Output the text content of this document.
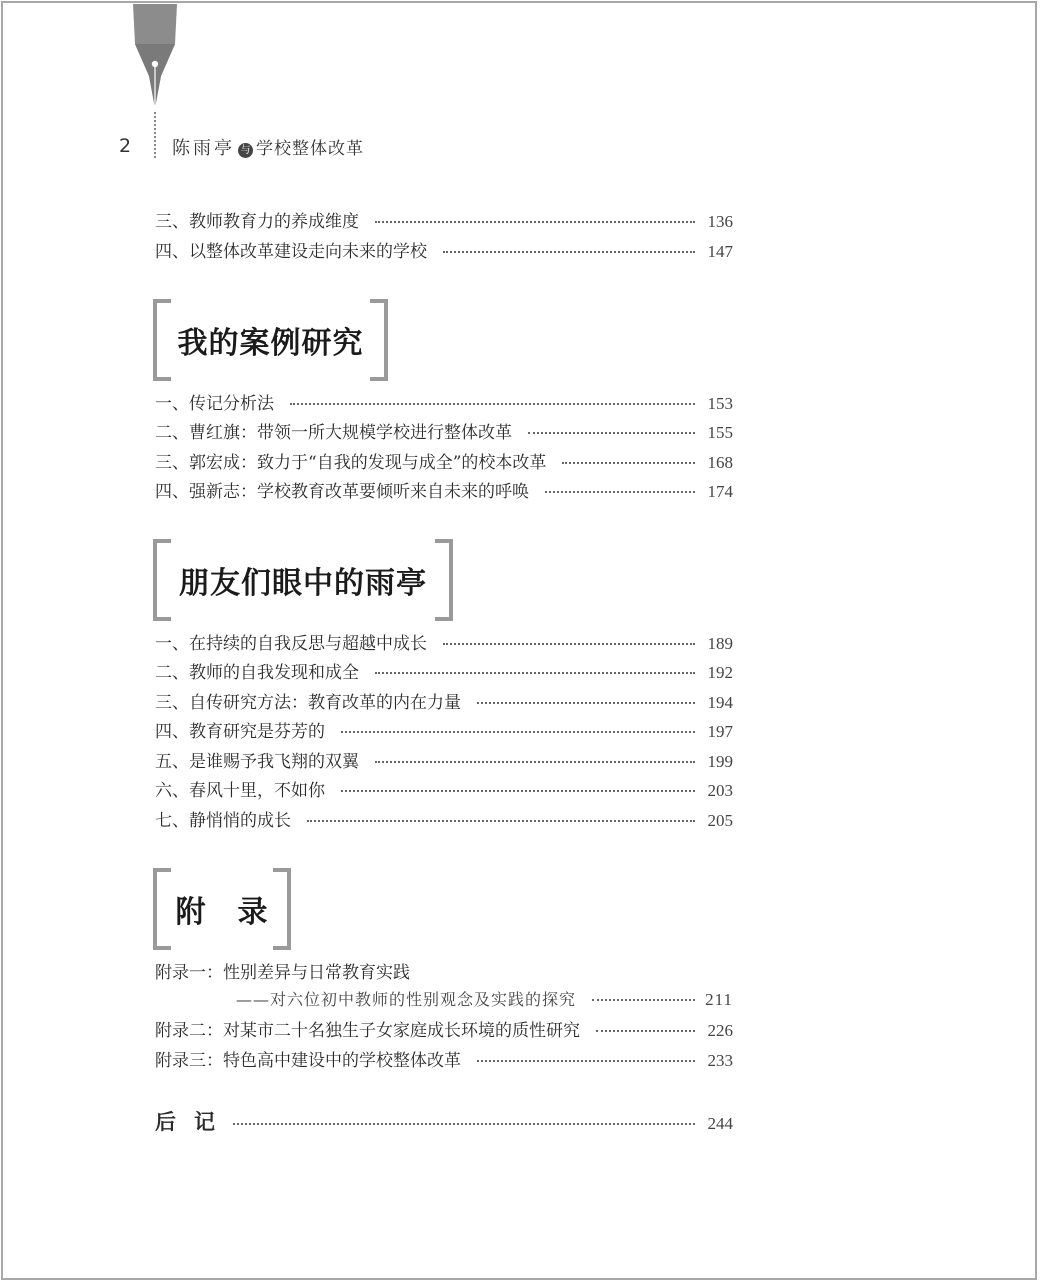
2 陈雨亭 与 学校整体改革
三、教师教育力的养成维度	136
四、以整体改革建设走向未来的学校	147
我的案例研究
一、传记分析法	153
二、曹红旗：带领一所大规模学校进行整体改革	155
三、郭宏成：致力于“自我的发现与成全”的校本改革	168
四、强新志：学校教育改革要倾听来自未来的呼唤	174
朋友们眼中的雨亭
一、在持续的自我反思与超越中成长	189
二、教师的自我发现和成全	192
三、自传研究方法：教育改革的内在力量	194
四、教育研究是芬芳的	197
五、是谁赐予我飞翔的双翼	199
六、春风十里，不如你	203
七、静悄悄的成长	205
附　录
附录一：性别差异与日常教育实践
——对六位初中教师的性别观念及实践的探究	211
附录二：对某市二十名独生子女家庭成长环境的质性研究	226
附录三：特色高中建设中的学校整体改革	233
后记	244
